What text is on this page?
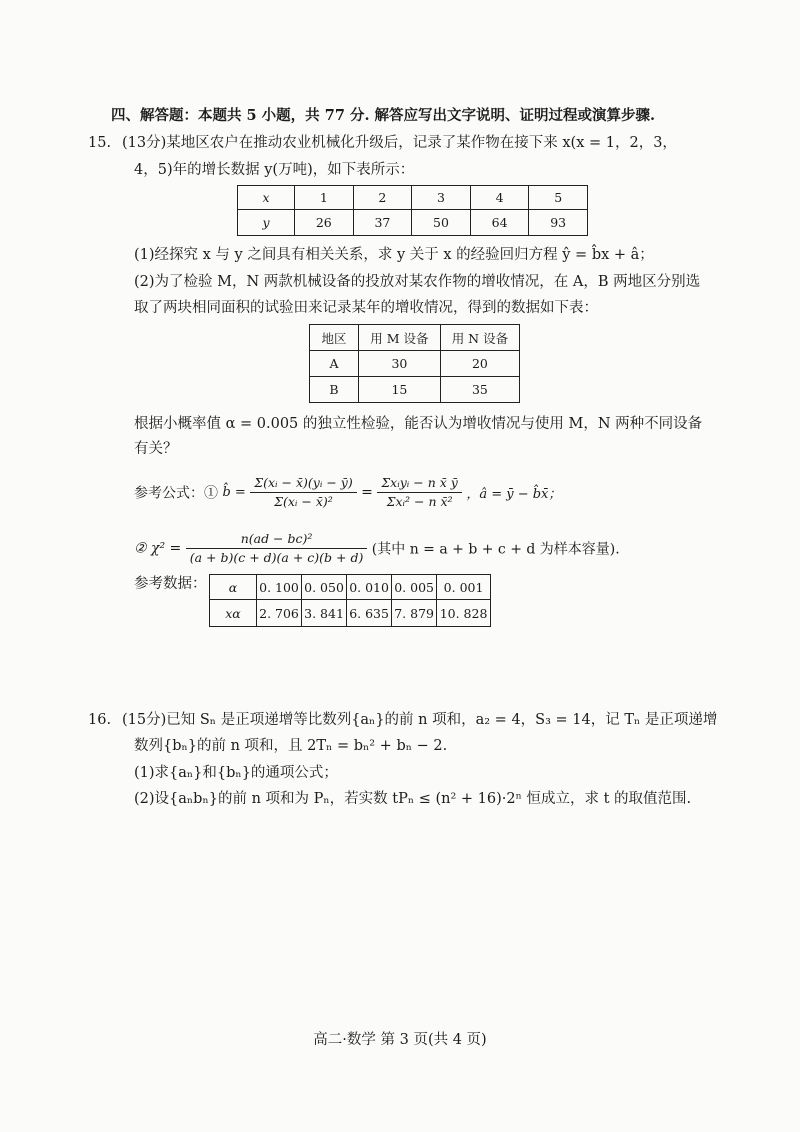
四、解答题：本题共 5 小题，共 77 分. 解答应写出文字说明、证明过程或演算步骤.
15. (13分)某地区农户在推动农业机械化升级后，记录了某作物在接下来 x(x = 1，2，3，
4，5)年的增长数据 y(万吨)，如下表所示：
x	1	2	3	4	5
y	26	37	50	64	93
(1)经探究 x 与 y 之间具有相关关系，求 y 关于 x 的经验回归方程 ŷ = b̂x + â；
(2)为了检验 M，N 两款机械设备的投放对某农作物的增收情况，在 A，B 两地区分别选
取了两块相同面积的试验田来记录某年的增收情况，得到的数据如下表：
地区	用 M 设备	用 N 设备
A	30	20
B	15	35
根据小概率值 α = 0.005 的独立性检验，能否认为增收情况与使用 M，N 两种不同设备
有关？
参考公式：① b̂ = $\frac{\text{Σ(xᵢ − x̄)(yᵢ − ȳ)}}{\text{Σ(xᵢ − x̄)²}} = \frac{\text{Σxᵢyᵢ − n x̄ ȳ}}{\text{Σxᵢ² − n x̄²}}$ ，â = ȳ − b̂x̄；
② $\chi^2 = \frac{\text{n(ad − bc)²}}{(a + b)(c + d)(a + c)(b + d)}$ (其中 n = a + b + c + d 为样本容量).
参考数据： α	0. 100	0. 050	0. 010	0. 005	0. 001
xα	2. 706	3. 841	6. 635	7. 879	10. 828
16. (15分)已知 Sₙ 是正项递增等比数列{aₙ}的前 n 项和，a₂ = 4，S₃ = 14，记 Tₙ 是正项递增
数列{bₙ}的前 n 项和，且 2Tₙ = bₙ² + bₙ − 2.
(1)求{aₙ}和{bₙ}的通项公式；
(2)设{aₙbₙ}的前 n 项和为 Pₙ，若实数 tPₙ ≤ (n² + 16)·2ⁿ 恒成立，求 t 的取值范围.
高二·数学 第 3 页(共 4 页)
